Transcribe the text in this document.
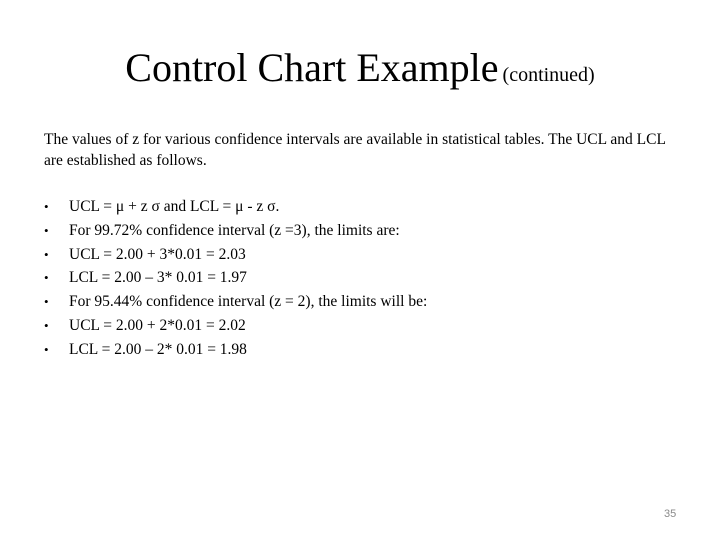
Control Chart Example (continued)
The values of z for various confidence intervals are available in statistical tables. The UCL and LCL are established as follows.
•	UCL = μ + z σ and LCL = μ - z σ.
•	For 99.72% confidence interval (z =3), the limits are:
•	UCL = 2.00 + 3*0.01 = 2.03
•	LCL = 2.00 – 3* 0.01 = 1.97
•	For 95.44% confidence interval (z = 2), the limits will be:
•	UCL = 2.00 + 2*0.01 = 2.02
•	LCL = 2.00 – 2* 0.01 = 1.98
35
